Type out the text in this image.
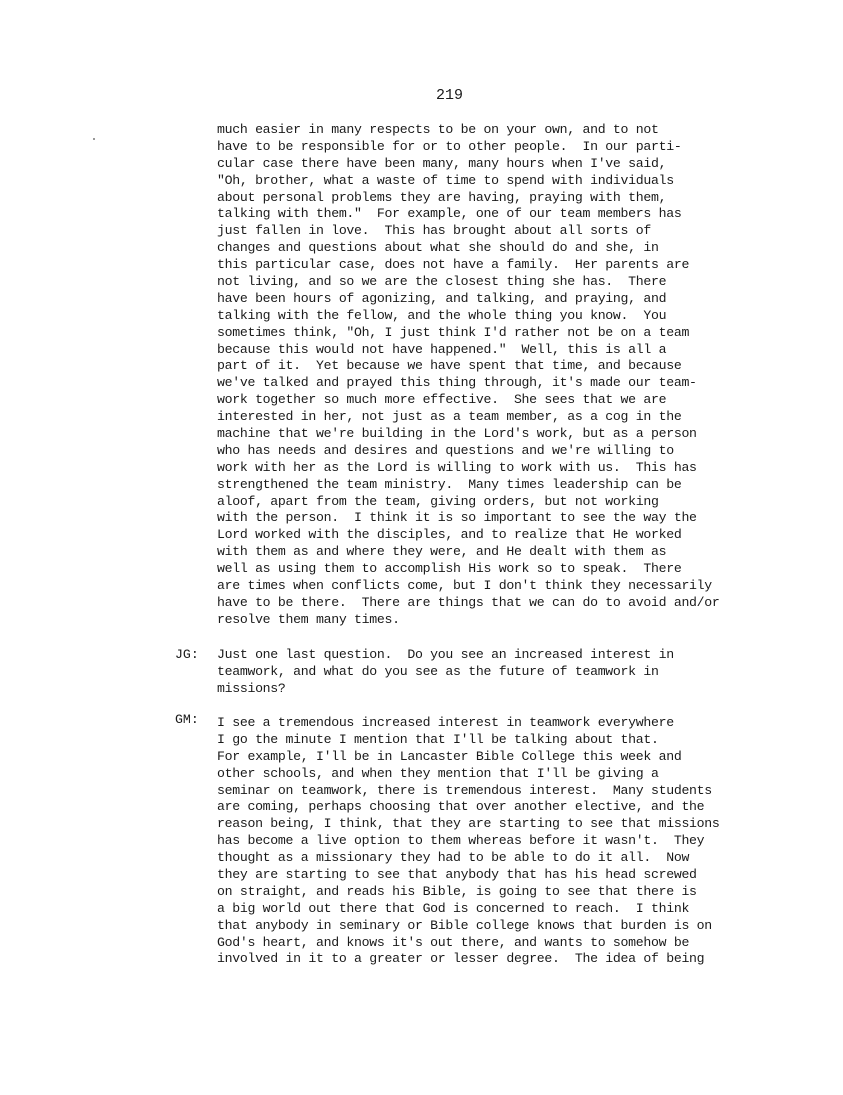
219

much easier in many respects to be on your own, and to not
have to be responsible for or to other people.  In our parti-
cular case there have been many, many hours when I've said,
"Oh, brother, what a waste of time to spend with individuals
about personal problems they are having, praying with them,
talking with them."  For example, one of our team members has
just fallen in love.  This has brought about all sorts of
changes and questions about what she should do and she, in
this particular case, does not have a family.  Her parents are
not living, and so we are the closest thing she has.  There
have been hours of agonizing, and talking, and praying, and
talking with the fellow, and the whole thing you know.  You
sometimes think, "Oh, I just think I'd rather not be on a team
because this would not have happened."  Well, this is all a
part of it.  Yet because we have spent that time, and because
we've talked and prayed this thing through, it's made our team-
work together so much more effective.  She sees that we are
interested in her, not just as a team member, as a cog in the
machine that we're building in the Lord's work, but as a person
who has needs and desires and questions and we're willing to
work with her as the Lord is willing to work with us.  This has
strengthened the team ministry.  Many times leadership can be
aloof, apart from the team, giving orders, but not working
with the person.  I think it is so important to see the way the
Lord worked with the disciples, and to realize that He worked
with them as and where they were, and He dealt with them as
well as using them to accomplish His work so to speak.  There
are times when conflicts come, but I don't think they necessarily
have to be there.  There are things that we can do to avoid and/or
resolve them many times.

JG: Just one last question.  Do you see an increased interest in
teamwork, and what do you see as the future of teamwork in
missions?

GM: I see a tremendous increased interest in teamwork everywhere
I go the minute I mention that I'll be talking about that.
For example, I'll be in Lancaster Bible College this week and
other schools, and when they mention that I'll be giving a
seminar on teamwork, there is tremendous interest.  Many students
are coming, perhaps choosing that over another elective, and the
reason being, I think, that they are starting to see that missions
has become a live option to them whereas before it wasn't.  They
thought as a missionary they had to be able to do it all.  Now
they are starting to see that anybody that has his head screwed
on straight, and reads his Bible, is going to see that there is
a big world out there that God is concerned to reach.  I think
that anybody in seminary or Bible college knows that burden is on
God's heart, and knows it's out there, and wants to somehow be
involved in it to a greater or lesser degree.  The idea of being
